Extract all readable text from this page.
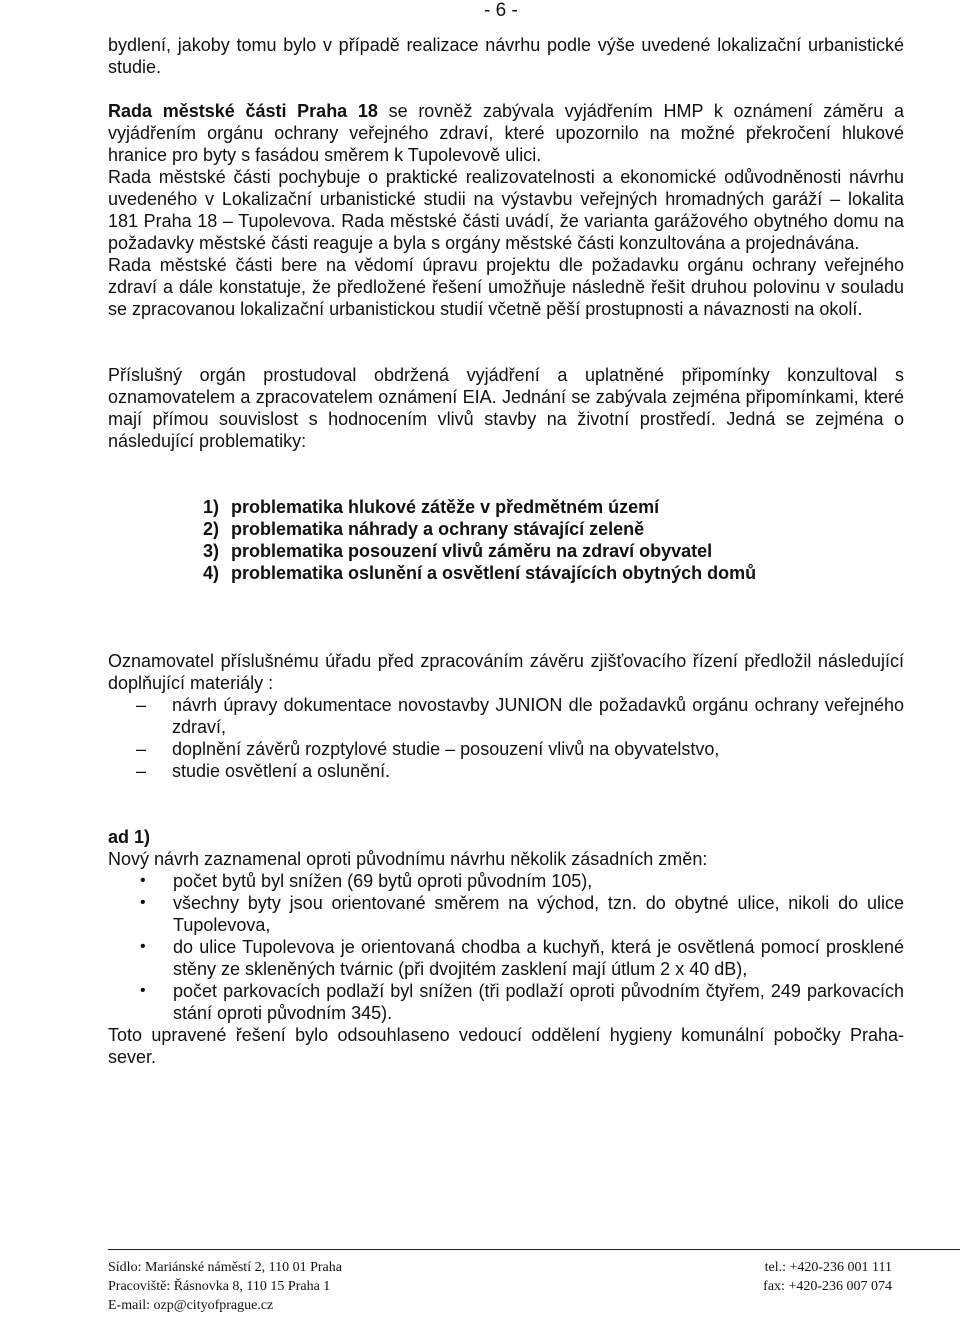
- 6 -

bydlení, jakoby tomu bylo v případě realizace návrhu podle výše uvedené lokalizační urbanistické studie.

Rada městské části Praha 18 se rovněž zabývala vyjádřením HMP k oznámení záměru a vyjádřením orgánu ochrany veřejného zdraví, které upozornilo na možné překročení hlukové hranice pro byty s fasádou směrem k Tupolevově ulici.

Rada městské části pochybuje o praktické realizovatelnosti a ekonomické odůvodněnosti návrhu uvedeného v Lokalizační urbanistické studii na výstavbu veřejných hromadných garáží – lokalita 181 Praha 18 – Tupolevova. Rada městské části uvádí, že varianta garážového obytného domu na požadavky městské části reaguje a byla s orgány městské části konzultována a projednávána.

Rada městské části bere na vědomí úpravu projektu dle požadavku orgánu ochrany veřejného zdraví a dále konstatuje, že předložené řešení umožňuje následně řešit druhou polovinu v souladu se zpracovanou lokalizační urbanistickou studií včetně pěší prostupnosti a návaznosti na okolí.

Příslušný orgán prostudoval obdržená vyjádření a uplatněné připomínky konzultoval s oznamovatelem a zpracovatelem oznámení EIA. Jednání se zabývala zejména připomínkami, které mají přímou souvislost s hodnocením vlivů stavby na životní prostředí. Jedná se zejména o následující problematiky:

1) problematika hlukové zátěže v předmětném území
2) problematika náhrady a ochrany stávající zeleně
3) problematika posouzení vlivů záměru na zdraví obyvatel
4) problematika oslunění a osvětlení stávajících obytných domů

Oznamovatel příslušnému úřadu před zpracováním závěru zjišťovacího řízení předložil následující doplňující materiály :

–	návrh úpravy dokumentace novostavby JUNION dle požadavků orgánu ochrany veřejného zdraví,
–	doplnění závěrů rozptylové studie – posouzení vlivů na obyvatelstvo,
–	studie osvětlení a oslunění.

ad 1)

Nový návrh zaznamenal oproti původnímu návrhu několik zásadních změn:

•	počet bytů byl snížen (69 bytů oproti původním 105),
•	všechny byty jsou orientované směrem na východ, tzn. do obytné ulice, nikoli do ulice Tupolevova,
•	do ulice Tupolevova je orientovaná chodba a kuchyň, která je osvětlená pomocí prosklené stěny ze skleněných tvárnic (při dvojitém zasklení mají útlum 2 x 40 dB),
•	počet parkovacích podlaží byl snížen (tři podlaží oproti původním čtyřem, 249 parkovacích stání oproti původním 345).

Toto upravené řešení bylo odsouhlaseno vedoucí oddělení hygieny komunální pobočky Praha-sever.

Sídlo: Mariánské náměstí 2, 110 01 Praha	tel.: +420-236 001 111
Pracoviště: Řásnovka 8, 110 15 Praha 1	fax: +420-236 007 074
E-mail: ozp@cityofprague.cz
